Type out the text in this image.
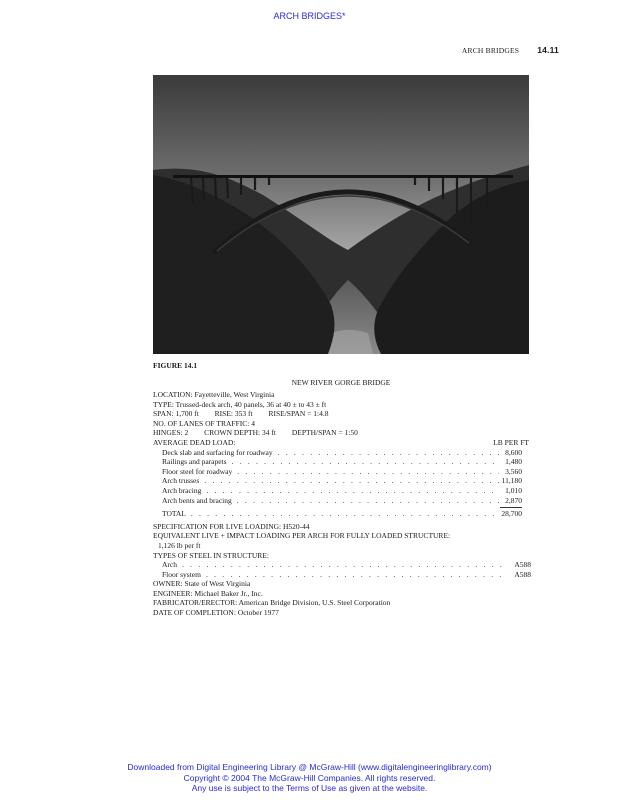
ARCH BRIDGES*
ARCH BRIDGES 14.11
FIGURE 14.1
NEW RIVER GORGE BRIDGE
LOCATION: Fayetteville, West Virginia
TYPE: Trussed-deck arch, 40 panels, 36 at 40 ± to 43 ± ft
SPAN: 1,700 ft RISE: 353 ft RISE/SPAN = 1:4.8
NO. OF LANES OF TRAFFIC: 4
HINGES: 2 CROWN DEPTH: 34 ft DEPTH/SPAN = 1:50
AVERAGE DEAD LOAD:	LB PER FT
Deck slab and surfacing for roadway . . .	8,600
Railings and parapets . . .	1,480
Floor steel for roadway . . .	3,560
Arch trusses . . .	11,180
Arch bracing . . .	1,010
Arch bents and bracing . . .	2,870
TOTAL . . .	28,700
SPECIFICATION FOR LIVE LOADING: H520-44
EQUIVALENT LIVE + IMPACT LOADING PER ARCH FOR FULLY LOADED STRUCTURE:
1,126 lb per ft
TYPES OF STEEL IN STRUCTURE:
Arch . . .	A588
Floor system . . .	A588
OWNER: State of West Virginia
ENGINEER: Michael Baker Jr., Inc.
FABRICATOR/ERECTOR: American Bridge Division, U.S. Steel Corporation
DATE OF COMPLETION: October 1977
Downloaded from Digital Engineering Library @ McGraw-Hill (www.digitalengineeringlibrary.com)
Copyright © 2004 The McGraw-Hill Companies. All rights reserved.
Any use is subject to the Terms of Use as given at the website.
